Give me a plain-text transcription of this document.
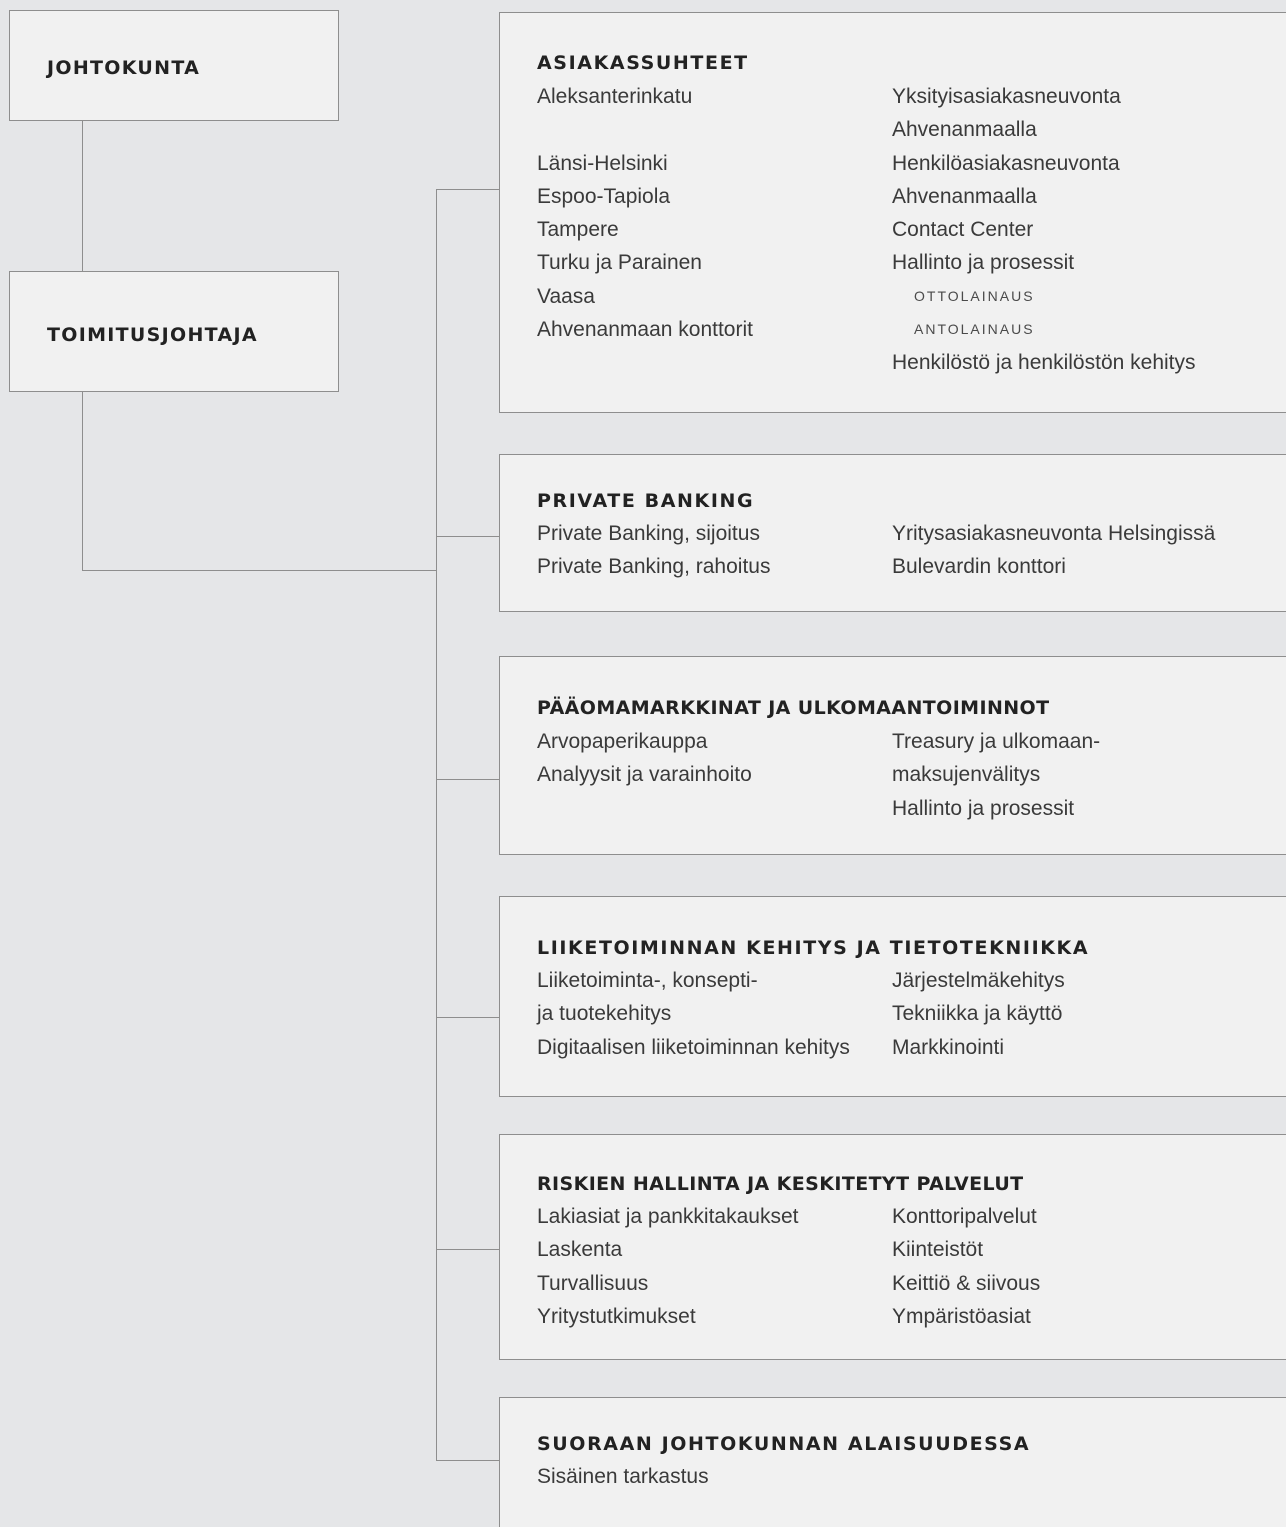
JOHTOKUNTA
TOIMITUSJOHTAJA
ASIAKASSUHTEET
Aleksanterinkatu
Länsi-Helsinki
Espoo-Tapiola
Tampere
Turku ja Parainen
Vaasa
Ahvenanmaan konttorit
Yksityisasiakasneuvonta
Ahvenanmaalla
Henkilöasiakasneuvonta
Ahvenanmaalla
Contact Center
Hallinto ja prosessit
OTTOLAINAUS
ANTOLAINAUS
Henkilöstö ja henkilöstön kehitys
PRIVATE BANKING
Private Banking, sijoitus
Private Banking, rahoitus
Yritysasiakasneuvonta Helsingissä
Bulevardin konttori
PÄÄOMAMARKKINAT JA ULKOMAANTOIMINNOT
Arvopaperikauppa
Analyysit ja varainhoito
Treasury ja ulkomaan-
maksujenvälitys
Hallinto ja prosessit
LIIKETOIMINNAN KEHITYS JA TIETOTEKNIIKKA
Liiketoiminta-, konsepti-
ja tuotekehitys
Digitaalisen liiketoiminnan kehitys
Järjestelmäkehitys
Tekniikka ja käyttö
Markkinointi
RISKIEN HALLINTA JA KESKITETYT PALVELUT
Lakiasiat ja pankkitakaukset
Laskenta
Turvallisuus
Yritystutkimukset
Konttoripalvelut
Kiinteistöt
Keittiö & siivous
Ympäristöasiat
SUORAAN JOHTOKUNNAN ALAISUUDESSA
Sisäinen tarkastus
